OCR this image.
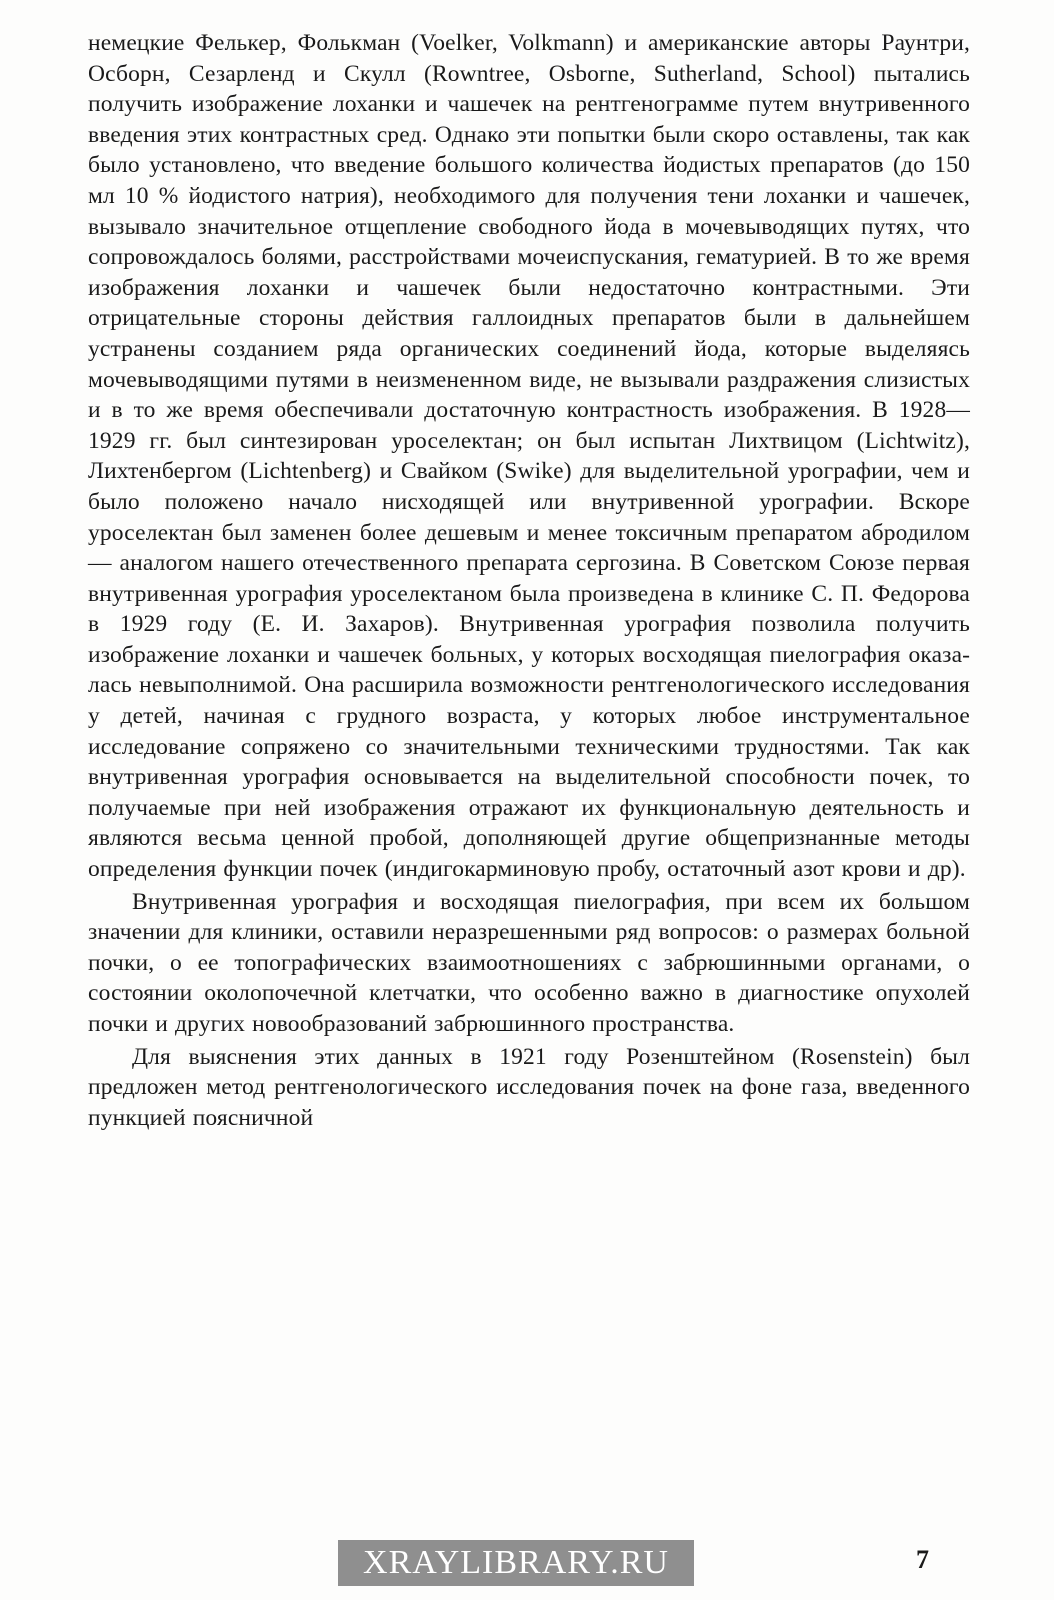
немецкие Фелькер, Фолькман (Voelker, Volkmann) и американские авторы Раунтри, Осборн, Сезарленд и Скулл (Rowntree, Osborne, Sutherland, School) пытались получить изображение лоханки и чашечек на рентгенограмме путем внутривенного введения этих контрастных сред. Однако эти попытки были скоро оставлены, так как было установлено, что введение большого количества йодистых препаратов (до 150 мл 10 % йодистого натрия), необходимого для получения тени лоханки и чашечек, вызывало значительное отщепление свободного йода в мочевыводящих путях, что сопровождалось болями, расстройствами мочеиспускания, гематурией. В то же время изображения лоханки и чашечек были недостаточно контрастными. Эти отрицательные стороны действия галлоидных препаратов были в дальнейшем устранены созданием ряда органических соединений йода, которые выделяясь мочевыводящими путями в неизмененном виде, не вызывали раздражения слизистых и в то же время обеспечивали достаточную контрастность изображения. В 1928—1929 гг. был синтезирован уроселектан; он был испытан Лихтвицом (Lichtwitz), Лихтенбергом (Lichtenberg) и Свайком (Swike) для выделительной урографии, чем и было положено начало нисходящей или внутривенной урографии. Вскоре уроселектан был заменен более дешевым и менее токсичным препаратом абродилом — аналогом нашего отечественного препарата сергозина. В Советском Союзе первая внутривенная урография уроселектаном была произведена в клинике С. П. Федорова в 1929 году (Е. И. Захаров). Внутривенная урография позволила получить изображение лоханки и чашечек больных, у которых восходящая пиелография оказалась невыполнимой. Она расширила возможности рентгенологического исследования у детей, начиная с грудного возраста, у которых любое инструментальное исследование сопряжено со значительными техническими трудностями. Так как внутривенная урография основывается на выделительной способности почек, то получаемые при ней изображения отражают их функциональную деятельность и являются весьма ценной пробой, дополняющей другие общепризнанные методы определения функции почек (индигокарминовую пробу, остаточный азот крови и др).

Внутривенная урография и восходящая пиелография, при всем их большом значении для клиники, оставили неразрешенными ряд вопросов: о размерах больной почки, о ее топографических взаимоотношениях с забрюшинными органами, о состоянии околопочечной клетчатки, что особенно важно в диагностике опухолей почки и других новообразований забрюшинного пространства.

Для выяснения этих данных в 1921 году Розенштейном (Rosenstein) был предложен метод рентгенологического исследования почек на фоне газа, введенного пункцией поясничной

XRAYLIBRARY.RU	7
